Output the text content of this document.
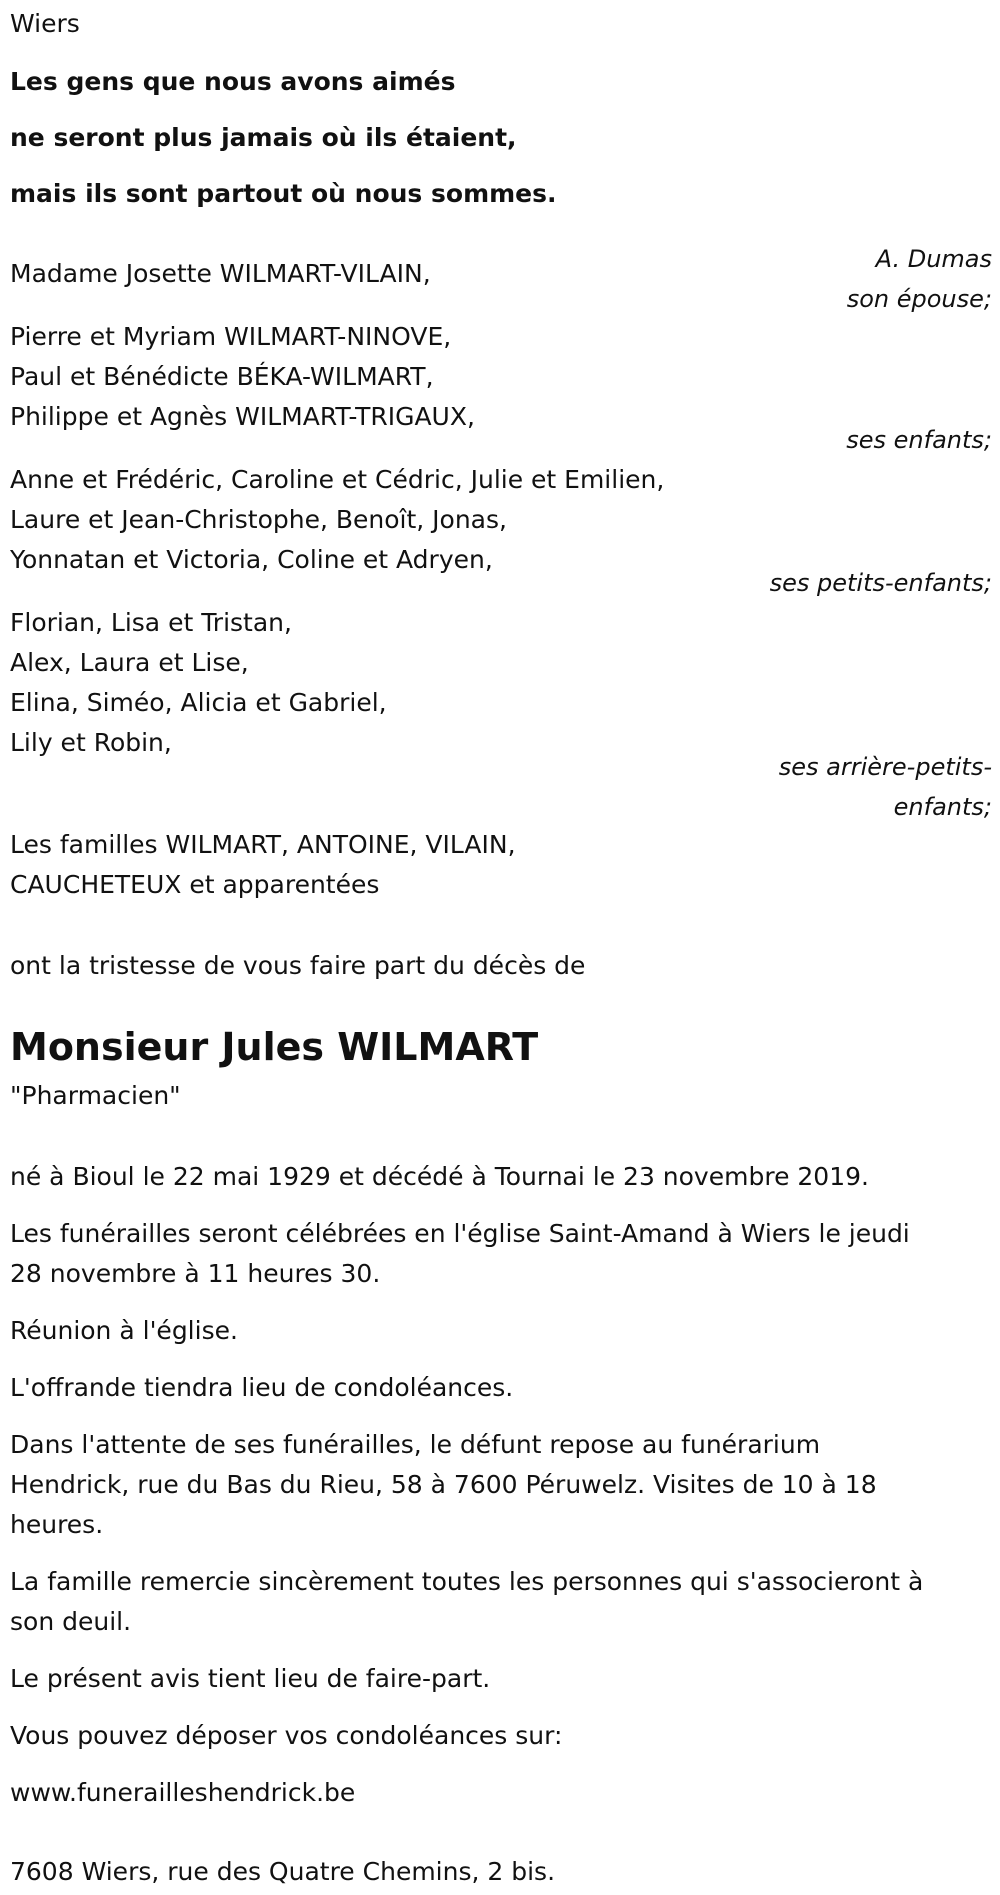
Wiers
Les gens que nous avons aimés
ne seront plus jamais où ils étaient,
mais ils sont partout où nous sommes.
A. Dumas
Madame Josette WILMART-VILAIN,
son épouse;
Pierre et Myriam WILMART-NINOVE,
Paul et Bénédicte BÉKA-WILMART,
Philippe et Agnès WILMART-TRIGAUX,
ses enfants;
Anne et Frédéric, Caroline et Cédric, Julie et Emilien,
Laure et Jean-Christophe, Benoît, Jonas,
Yonnatan et Victoria, Coline et Adryen,
ses petits-enfants;
Florian, Lisa et Tristan,
Alex, Laura et Lise,
Elina, Siméo, Alicia et Gabriel,
Lily et Robin,
ses arrière-petits-
enfants;
Les familles WILMART, ANTOINE, VILAIN,
CAUCHETEUX et apparentées
ont la tristesse de vous faire part du décès de
Monsieur Jules WILMART
"Pharmacien"
né à Bioul le 22 mai 1929 et décédé à Tournai le 23 novembre 2019.
Les funérailles seront célébrées en l'église Saint-Amand à Wiers le jeudi
28 novembre à 11 heures 30.
Réunion à l'église.
L'offrande tiendra lieu de condoléances.
Dans l'attente de ses funérailles, le défunt repose au funérarium
Hendrick, rue du Bas du Rieu, 58 à 7600 Péruwelz. Visites de 10 à 18
heures.
La famille remercie sincèrement toutes les personnes qui s'associeront à
son deuil.
Le présent avis tient lieu de faire-part.
Vous pouvez déposer vos condoléances sur:
www.funerailleshendrick.be
7608 Wiers, rue des Quatre Chemins, 2 bis.
